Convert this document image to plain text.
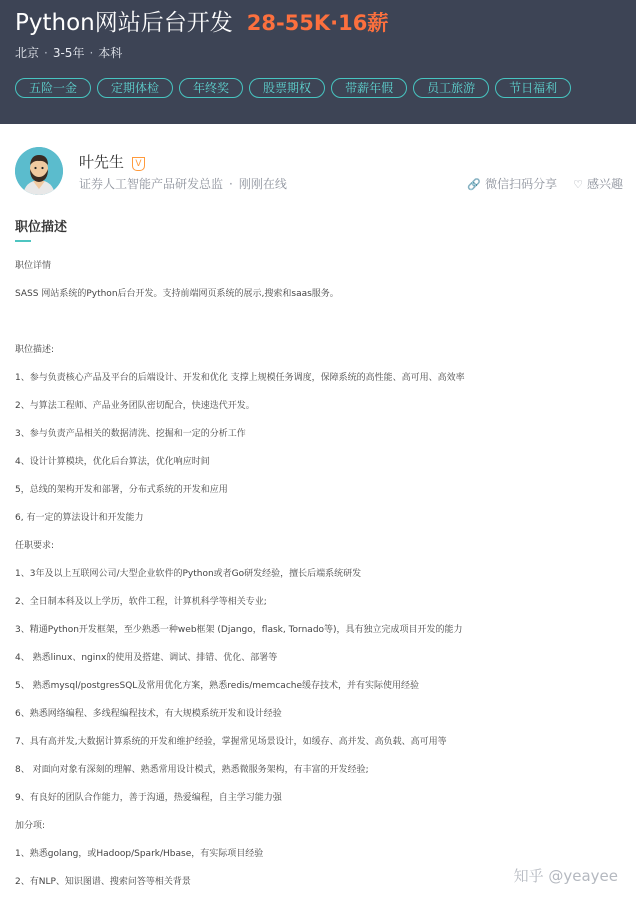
Python网站后台开发 28-55K·16薪
北京 · 3-5年 · 本科
五险一金	定期体检	年终奖	股票期权	带薪年假	员工旅游	节日福利
叶先生 V
证券人工智能产品研发总监 · 刚刚在线	🔗 微信扫码分享 ♡ 感兴趣
职位描述
职位详情
SASS 网站系统的Python后台开发。支持前端网页系统的展示,搜索和saas服务。
职位描述:
1、参与负责核心产品及平台的后端设计、开发和优化 支撑上规模任务调度，保障系统的高性能、高可用、高效率
2、与算法工程师、产品业务团队密切配合，快速迭代开发。
3、参与负责产品相关的数据清洗、挖掘和一定的分析工作
4、设计计算模块，优化后台算法，优化响应时间
5，总线的架构开发和部署，分布式系统的开发和应用
6, 有一定的算法设计和开发能力
任职要求:
1、3年及以上互联网公司/大型企业软件的Python或者Go研发经验，擅长后端系统研发
2、全日制本科及以上学历，软件工程，计算机科学等相关专业;
3、精通Python开发框架，至少熟悉一种web框架 (Django，flask, Tornado等)，具有独立完成项目开发的能力
4、 熟悉linux、nginx的使用及搭建、调试、排错、优化、部署等
5、 熟悉mysql/postgresSQL及常用优化方案，熟悉redis/memcache缓存技术，并有实际使用经验
6、熟悉网络编程、多线程编程技术，有大规模系统开发和设计经验
7、具有高并发,大数据计算系统的开发和维护经验，掌握常见场景设计，如缓存、高并发、高负载、高可用等
8、 对面向对象有深刻的理解、熟悉常用设计模式，熟悉微服务架构，有丰富的开发经验;
9、有良好的团队合作能力，善于沟通，热爱编程，自主学习能力强
加分项:
1、熟悉golang，或Hadoop/Spark/Hbase，有实际项目经验
2、有NLP、知识图谱、搜索问答等相关背景	知乎 @yeayee
